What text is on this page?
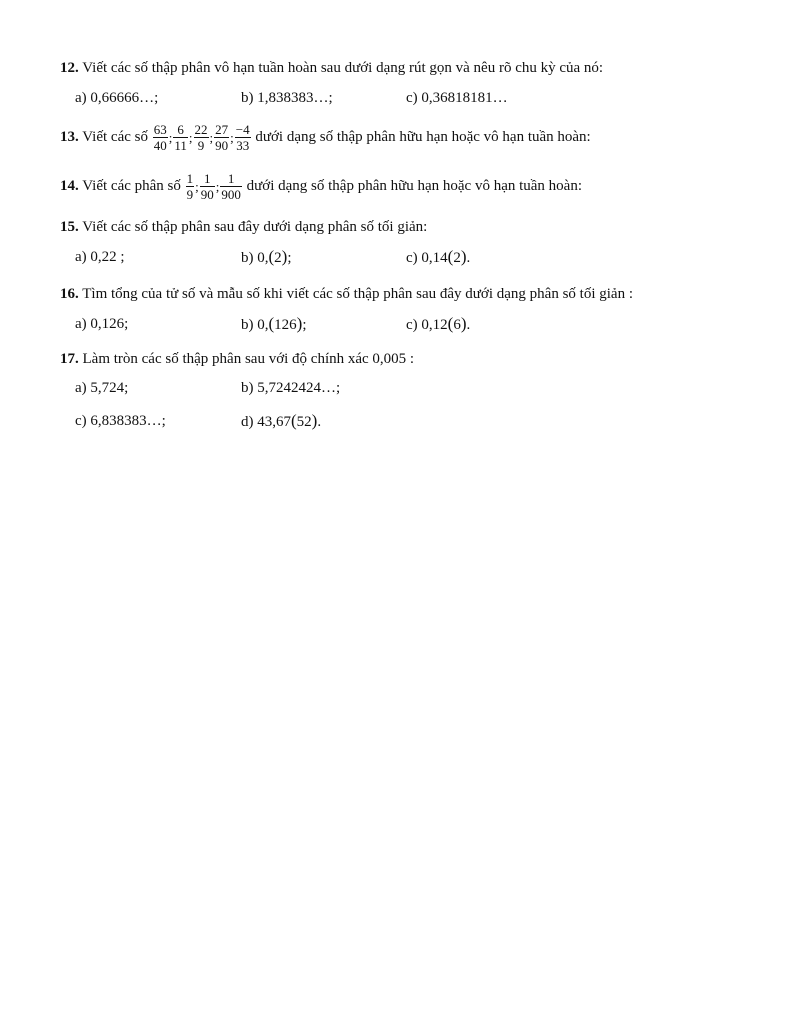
12. Viết các số thập phân vô hạn tuần hoàn sau dưới dạng rút gọn và nêu rõ chu kỳ của nó:
a) 0,66666…;	b) 1,838383…;	c) 0,36818181…
13. Viết các số $\frac{63}{40}$ ; $\frac{6}{11}$ ; $\frac{22}{9}$ ; $\frac{27}{90}$ ; $\frac{-4}{33}$ dưới dạng số thập phân hữu hạn hoặc vô hạn tuần hoàn:
14. Viết các phân số $\frac{1}{9}$ ; $\frac{1}{90}$ ; $\frac{1}{900}$ dưới dạng số thập phân hữu hạn hoặc vô hạn tuần hoàn:
15. Viết các số thập phân sau đây dưới dạng phân số tối giản:
a) 0,22 ;	b) 0,(2);	c) 0,14(2).
16. Tìm tổng của tử số và mẫu số khi viết các số thập phân sau đây dưới dạng phân số tối giản :
a) 0,126;	b) 0,(126);	c) 0,12(6).
17. Làm tròn các số thập phân sau với độ chính xác 0,005 :
a) 5,724;	b) 5,7242424…;
c) 6,838383…;	d) 43,67(52).
